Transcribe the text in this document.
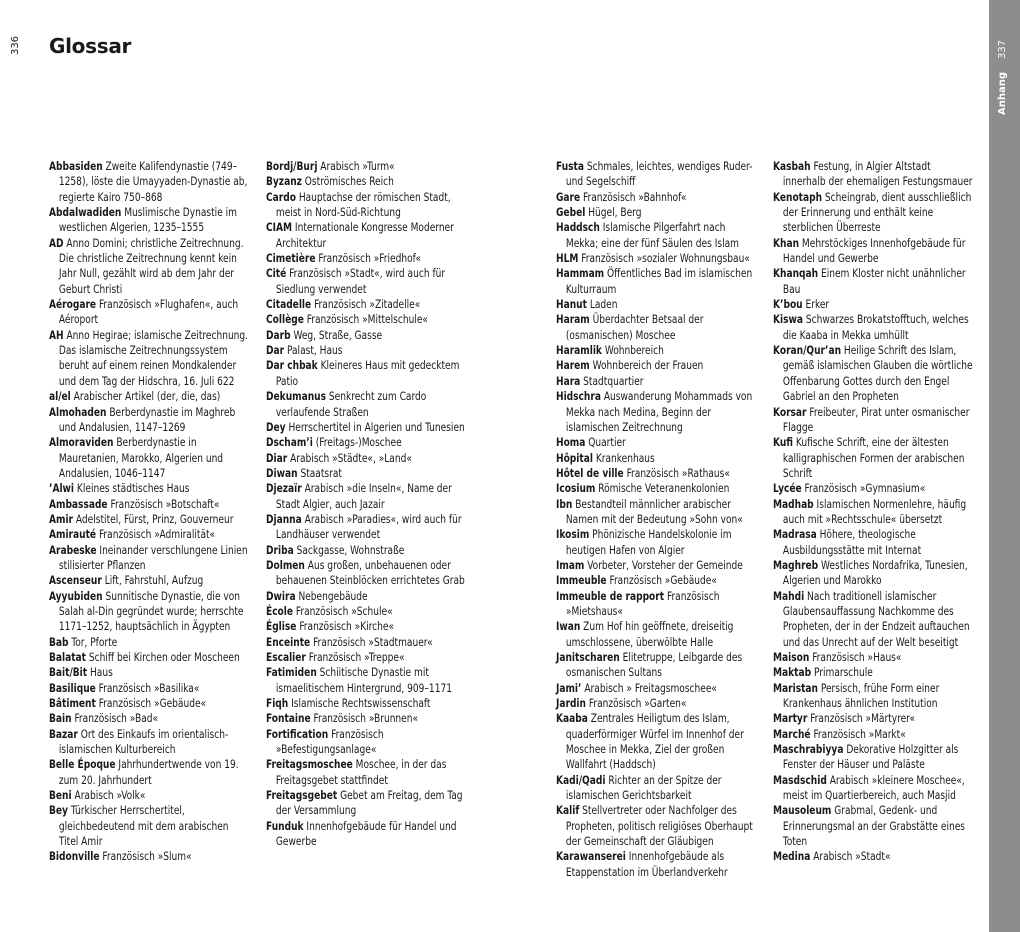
336 Glossar	337
Anhang

Abbasiden Zweite Kalifendynastie (749–1258), löste die Umayyaden-Dynastie ab, regierte Kairo 750–868

Abdalwadiden Muslimische Dynastie im westlichen Algerien, 1235–1555

AD Anno Domini; christliche Zeitrechnung. Die christliche Zeitrechnung kennt kein Jahr Null, gezählt wird ab dem Jahr der Geburt Christi

Aérogare Französisch »Flughafen«, auch Aéroport

AH Anno Hegirae; islamische Zeitrechnung. Das islamische Zeitrechnungssystem beruht auf einem reinen Mondkalender und dem Tag der Hidschra, 16. Juli 622

al/el Arabischer Artikel (der, die, das)

Almohaden Berberdynastie im Maghreb und Andalusien, 1147–1269

Almoraviden Berberdynastie in Mauretanien, Marokko, Algerien und Andalusien, 1046–1147

ʼAlwi Kleines städtisches Haus

Ambassade Französisch »Botschaft«

Amir Adelstitel, Fürst, Prinz, Gouverneur

Amirauté Französisch »Admiralität«

Arabeske Ineinander verschlungene Linien stilisierter Pflanzen

Ascenseur Lift, Fahrstuhl, Aufzug

Ayyubiden Sunnitische Dynastie, die von Salah al-Din gegründet wurde; herrschte 1171–1252, hauptsächlich in Ägypten

Bab Tor, Pforte

Balatat Schiff bei Kirchen oder Moscheen

Bait/Bit Haus

Basilique Französisch »Basilika«

Bâtiment Französisch »Gebäude«

Bain Französisch »Bad«

Bazar Ort des Einkaufs im orientalisch-islamischen Kulturbereich

Belle Époque Jahrhundertwende von 19. zum 20. Jahrhundert

Beni Arabisch »Volk«

Bey Türkischer Herrschertitel, gleichbedeutend mit dem arabischen Titel Amir

Bidonville Französisch »Slum«

Bordj/Burj Arabisch »Turm«

Byzanz Oströmisches Reich

Cardo Hauptachse der römischen Stadt, meist in Nord-Süd-Richtung

CIAM Internationale Kongresse Moderner Architektur

Cimetière Französisch »Friedhof«

Cité Französisch »Stadt«, wird auch für Siedlung verwendet

Citadelle Französisch »Zitadelle«

Collège Französisch »Mittelschule«

Darb Weg, Straße, Gasse

Dar Palast, Haus

Dar chbak Kleineres Haus mit gedecktem Patio

Dekumanus Senkrecht zum Cardo verlaufende Straßen

Dey Herrschertitel in Algerien und Tunesien

Dschamʼi (Freitags-)Moschee

Diar Arabisch »Städte«, »Land«

Diwan Staatsrat

Djezaïr Arabisch »die Inseln«, Name der Stadt Algier, auch Jazair

Djanna Arabisch »Paradies«, wird auch für Landhäuser verwendet

Driba Sackgasse, Wohnstraße

Dolmen Aus großen, unbehauenen oder behauenen Steinblöcken errichtetes Grab

Dwira Nebengebäude

École Französisch »Schule«

Église Französisch »Kirche«

Enceinte Französisch »Stadtmauer«

Escalier Französisch »Treppe«

Fatimiden Schiitische Dynastie mit ismaelitischem Hintergrund, 909–1171

Fiqh Islamische Rechtswissenschaft

Fontaine Französisch »Brunnen«

Fortification Französisch »Befestigungsanlage«

Freitagsmoschee Moschee, in der das Freitagsgebet stattfindet

Freitagsgebet Gebet am Freitag, dem Tag der Versammlung

Funduk Innenhofgebäude für Handel und Gewerbe

Fusta Schmales, leichtes, wendiges Ruder- und Segelschiff

Gare Französisch »Bahnhof«

Gebel Hügel, Berg

Haddsch Islamische Pilgerfahrt nach Mekka; eine der fünf Säulen des Islam

HLM Französisch »sozialer Wohnungsbau«

Hammam Öffentliches Bad im islamischen Kulturraum

Hanut Laden

Haram Überdachter Betsaal der (osmanischen) Moschee

Haramlik Wohnbereich

Harem Wohnbereich der Frauen

Hara Stadtquartier

Hidschra Auswanderung Mohammads von Mekka nach Medina, Beginn der islamischen Zeitrechnung

Homa Quartier

Hôpital Krankenhaus

Hôtel de ville Französisch »Rathaus«

Icosium Römische Veteranenkolonien

Ibn Bestandteil männlicher arabischer Namen mit der Bedeutung »Sohn von«

Ikosim Phönizische Handelskolonie im heutigen Hafen von Algier

Imam Vorbeter, Vorsteher der Gemeinde

Immeuble Französisch »Gebäude«

Immeuble de rapport Französisch »Mietshaus«

Iwan Zum Hof hin geöffnete, dreiseitig umschlossene, überwölbte Halle

Janitscharen Elitetruppe, Leibgarde des osmanischen Sultans

Jamiʼ Arabisch » Freitagsmoschee«

Jardin Französisch »Garten«

Kaaba Zentrales Heiligtum des Islam, quaderförmiger Würfel im Innenhof der Moschee in Mekka, Ziel der großen Wallfahrt (Haddsch)

Kadi/Qadi Richter an der Spitze der islamischen Gerichtsbarkeit

Kalif Stellvertreter oder Nachfolger des Propheten, politisch religiöses Oberhaupt der Gemeinschaft der Gläubigen

Karawanserei Innenhofgebäude als Etappenstation im Überlandverkehr

Kasbah Festung, in Algier Altstadt innerhalb der ehemaligen Festungsmauer

Kenotaph Scheingrab, dient ausschließlich der Erinnerung und enthält keine sterblichen Überreste

Khan Mehrstöckiges Innenhofgebäude für Handel und Gewerbe

Khanqah Einem Kloster nicht unähnlicher Bau

Kʼbou Erker

Kiswa Schwarzes Brokatstofftuch, welches die Kaaba in Mekka umhüllt

Koran/Qurʼan Heilige Schrift des Islam, gemäß islamischen Glauben die wörtliche Offenbarung Gottes durch den Engel Gabriel an den Propheten

Korsar Freibeuter, Pirat unter osmanischer Flagge

Kufi Kufische Schrift, eine der ältesten kalligraphischen Formen der arabischen Schrift

Lycée Französisch »Gymnasium«

Madhab Islamischen Normenlehre, häufig auch mit »Rechtsschule« übersetzt

Madrasa Höhere, theologische Ausbildungsstätte mit Internat

Maghreb Westliches Nordafrika, Tunesien, Algerien und Marokko

Mahdi Nach traditionell islamischer Glaubensauffassung Nachkomme des Propheten, der in der Endzeit auftauchen und das Unrecht auf der Welt beseitigt

Maison Französisch »Haus«

Maktab Primarschule

Maristan Persisch, frühe Form einer Krankenhaus ähnlichen Institution

Martyr Französisch »Märtyrer«

Marché Französisch »Markt«

Maschrabiyya Dekorative Holzgitter als Fenster der Häuser und Paläste

Masdschid Arabisch »kleinere Moschee«, meist im Quartierbereich, auch Masjid

Mausoleum Grabmal, Gedenk- und Erinnerungsmal an der Grabstätte eines Toten

Medina Arabisch »Stadt«
